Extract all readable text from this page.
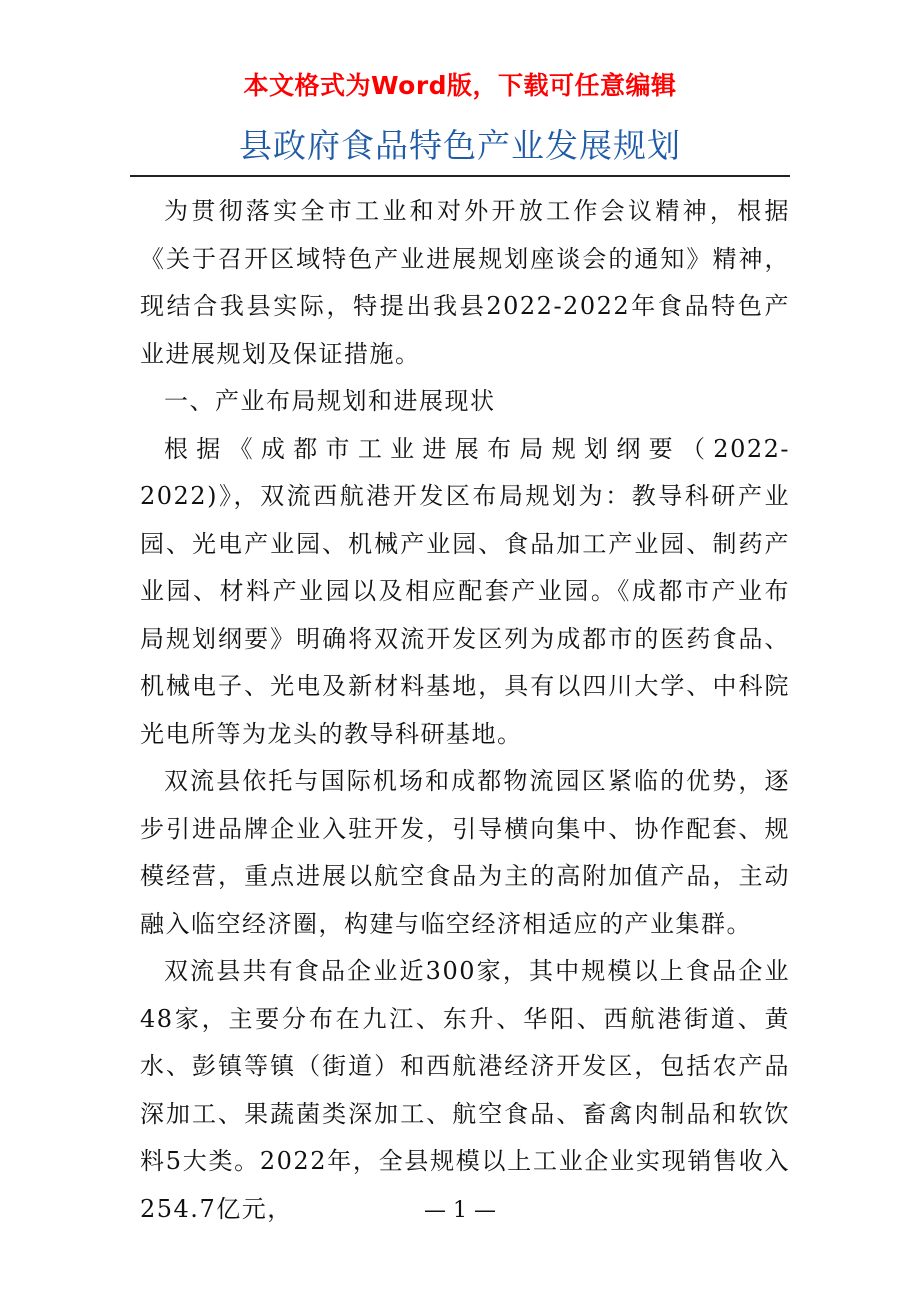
本文格式为Word版，下载可任意编辑
县政府食品特色产业发展规划

为贯彻落实全市工业和对外开放工作会议精神，根据《关于召开区域特色产业进展规划座谈会的通知》精神，现结合我县实际，特提出我县2022-2022年食品特色产业进展规划及保证措施。

一、产业布局规划和进展现状

根据《成都市工业进展布局规划纲要（2022-2022)》，双流西航港开发区布局规划为：教导科研产业园、光电产业园、机械产业园、食品加工产业园、制药产业园、材料产业园以及相应配套产业园。《成都市产业布局规划纲要》明确将双流开发区列为成都市的医药食品、机械电子、光电及新材料基地，具有以四川大学、中科院光电所等为龙头的教导科研基地。

双流县依托与国际机场和成都物流园区紧临的优势，逐步引进品牌企业入驻开发，引导横向集中、协作配套、规模经营，重点进展以航空食品为主的高附加值产品，主动融入临空经济圈，构建与临空经济相适应的产业集群。

双流县共有食品企业近300家，其中规模以上食品企业48家，主要分布在九江、东升、华阳、西航港街道、黄水、彭镇等镇（街道）和西航港经济开发区，包括农产品深加工、果蔬菌类深加工、航空食品、畜禽肉制品和软饮料5大类。2022年，全县规模以上工业企业实现销售收入254.7亿元，	— 1 —
